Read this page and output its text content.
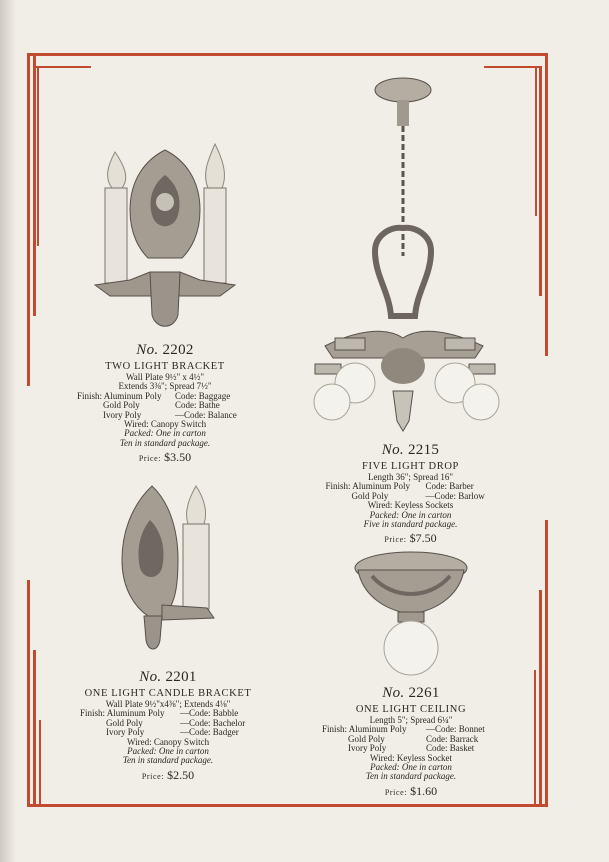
No. 2202
TWO LIGHT BRACKET
Wall Plate 9½" x 4½"
Extends 3⅜"; Spread 7½"
Finish: Aluminum Poly	Code: Baggage
Gold Poly	Code: Bathe
Ivory Poly	—Code: Balance
Wired: Canopy Switch
Packed: One in carton
Ten in standard package.
Price: $3.50	No. 2215
FIVE LIGHT DROP
Length 36"; Spread 16"
Finish: Aluminum Poly	Code: Barber
Gold Poly	—Code: Barlow
Wired: Keyless Sockets
Packed: One in carton
Five in standard package.
Price: $7.50
No. 2201
ONE LIGHT CANDLE BRACKET
Wall Plate 9½"x4⅜"; Extends 4⅛"
Finish: Aluminum Poly	—Code: Babble
Gold Poly	—Code: Bachelor
Ivory Poly	—Code: Badger
Wired: Canopy Switch
Packed: One in carton
Ten in standard package.
Price: $2.50
No. 2261
ONE LIGHT CEILING
Length 5"; Spread 6¼"
Finish: Aluminum Poly	—Code: Bonnet
Gold Poly	Code: Barrack
Ivory Poly	Code: Basket
Wired: Keyless Socket
Packed: One in carton
Ten in standard package.
Price: $1.60
